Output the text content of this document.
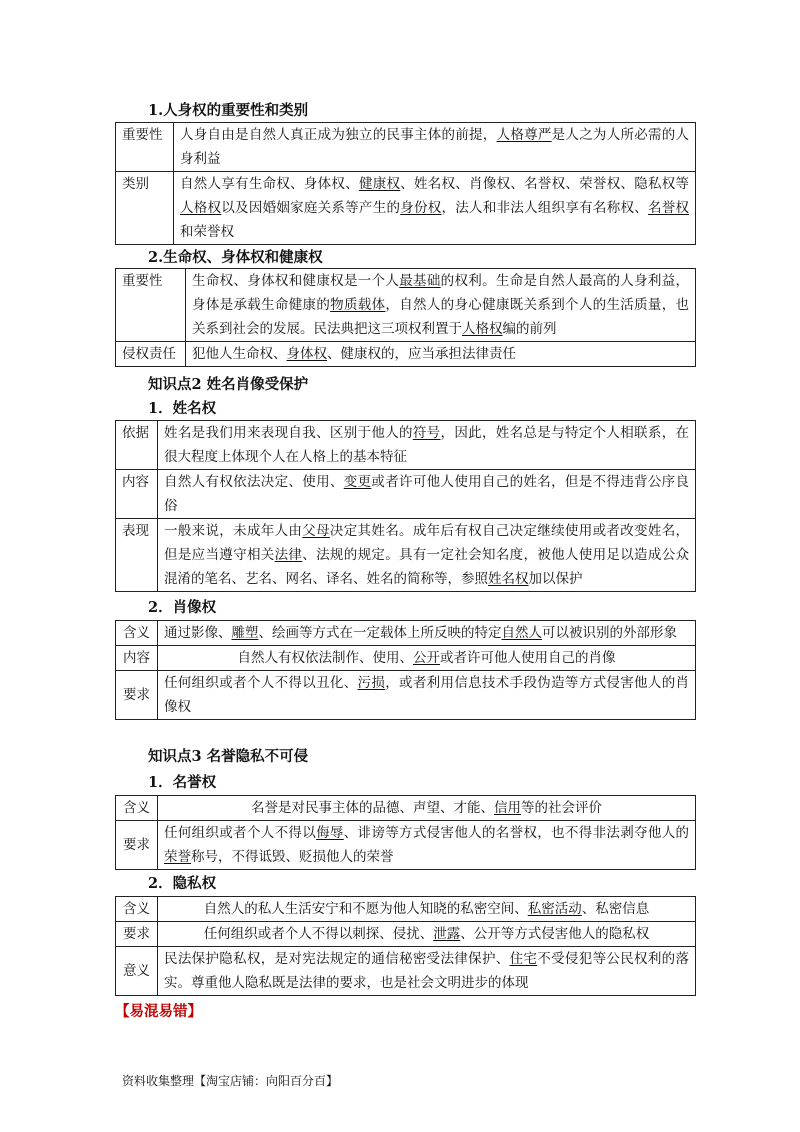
1.人身权的重要性和类别
重要性	人身自由是自然人真正成为独立的民事主体的前提，人格尊严是人之为人所必需的人身利益
类别	自然人享有生命权、身体权、健康权、姓名权、肖像权、名誉权、荣誉权、隐私权等人格权以及因婚姻家庭关系等产生的身份权，法人和非法人组织享有名称权、名誉权和荣誉权
2.生命权、身体权和健康权
重要性	生命权、身体权和健康权是一个人最基础的权利。生命是自然人最高的人身利益，身体是承载生命健康的物质载体，自然人的身心健康既关系到个人的生活质量，也关系到社会的发展。民法典把这三项权利置于人格权编的前列
侵权责任	犯他人生命权、身体权、健康权的，应当承担法律责任
知识点2 姓名肖像受保护
1．姓名权
依据	姓名是我们用来表现自我、区别于他人的符号，因此，姓名总是与特定个人相联系，在很大程度上体现个人在人格上的基本特征
内容	自然人有权依法决定、使用、变更或者许可他人使用自己的姓名，但是不得违背公序良俗
表现	一般来说，未成年人由父母决定其姓名。成年后有权自己决定继续使用或者改变姓名，但是应当遵守相关法律、法规的规定。具有一定社会知名度，被他人使用足以造成公众混淆的笔名、艺名、网名、译名、姓名的简称等，参照姓名权加以保护
2．肖像权
含义	通过影像、雕塑、绘画等方式在一定载体上所反映的特定自然人可以被识别的外部形象
内容	自然人有权依法制作、使用、公开或者许可他人使用自己的肖像
要求	任何组织或者个人不得以丑化、污损，或者利用信息技术手段伪造等方式侵害他人的肖像权
知识点3 名誉隐私不可侵
1．名誉权
含义	名誉是对民事主体的品德、声望、才能、信用等的社会评价
要求	任何组织或者个人不得以侮辱、诽谤等方式侵害他人的名誉权，也不得非法剥夺他人的荣誉称号，不得诋毁、贬损他人的荣誉
2．隐私权
含义	自然人的私人生活安宁和不愿为他人知晓的私密空间、私密活动、私密信息
要求	任何组织或者个人不得以刺探、侵扰、泄露、公开等方式侵害他人的隐私权
意义	民法保护隐私权，是对宪法规定的通信秘密受法律保护、住宅不受侵犯等公民权利的落实。尊重他人隐私既是法律的要求，也是社会文明进步的体现
【易混易错】
资料收集整理【淘宝店铺：向阳百分百】
